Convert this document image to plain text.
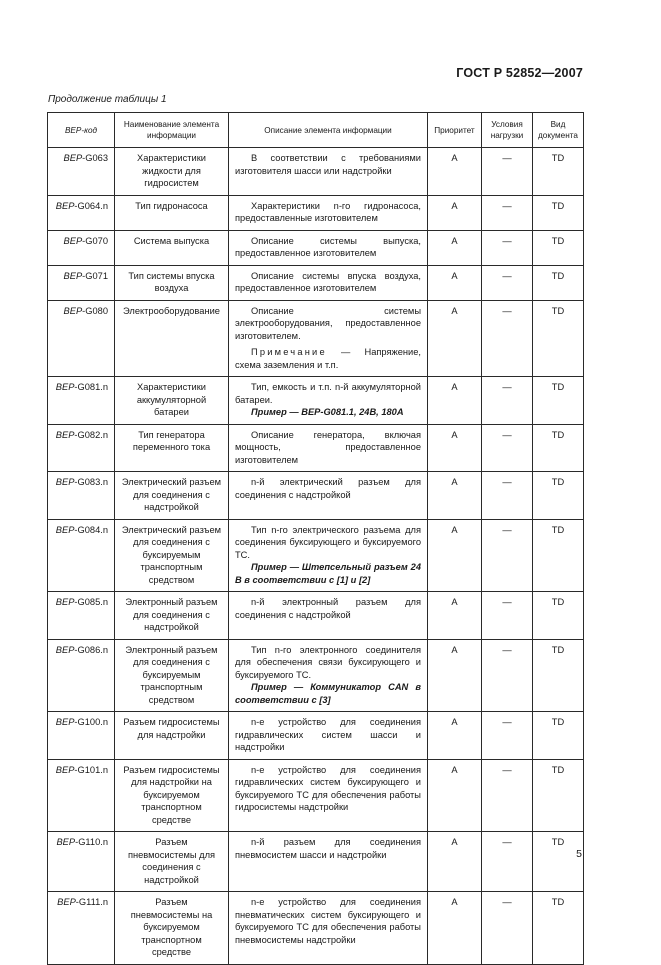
ГОСТ Р 52852—2007
Продолжение таблицы 1
ВЕР-код	Наименование элемента информации	Описание элемента информации	Приоритет	Условия нагрузки	Вид документа
ВЕР-G063	Характеристики жидкости для гидросистем	В соответствии с требованиями изготовителя шасси или надстройки	А	—	TD
ВЕР-G064.n	Тип гидронасоса	Характеристики n-го гидронасоса, предоставленные изготовителем	А	—	TD
ВЕР-G070	Система выпуска	Описание системы выпуска, предоставленное изготовителем	А	—	TD
ВЕР-G071	Тип системы впуска воздуха	Описание системы впуска воздуха, предоставленное изготовителем	А	—	TD
ВЕР-G080	Электрооборудование	Описание системы электрооборудования, предоставленное изготовителем.

Примечание — Напряжение, схема заземления и т.п.	А	—	TD
ВЕР-G081.n	Характеристики аккумуляторной батареи	Тип, емкость и т.п. n-й аккумуляторной батареи.

Пример — ВЕР-G081.1, 24В, 180А	А	—	TD
ВЕР-G082.n	Тип генератора переменного тока	Описание генератора, включая мощность, предоставленное изготовителем	А	—	TD
ВЕР-G083.n	Электрический разъем для соединения с надстройкой	n-й электрический разъем для соединения с надстройкой	А	—	TD
ВЕР-G084.n	Электрический разъем для соединения с буксируемым транспортным средством	Тип n-го электрического разъема для соединения буксирующего и буксируемого ТС.

Пример — Штепсельный разъем 24 В в соответствии с [1] и [2]	А	—	TD
ВЕР-G085.n	Электронный разъем для соединения с надстройкой	n-й электронный разъем для соединения с надстройкой	А	—	TD
ВЕР-G086.n	Электронный разъем для соединения с буксируемым транспортным средством	Тип n-го электронного соединителя для обеспечения связи буксирующего и буксируемого ТС.

Пример — Коммуникатор CAN в соответствии с [3]	А	—	TD
ВЕР-G100.n	Разъем гидросистемы для надстройки	n-е устройство для соединения гидравлических систем шасси и надстройки	А	—	TD
ВЕР-G101.n	Разъем гидросистемы для надстройки на буксируемом транспортном средстве	n-е устройство для соединения гидравлических систем буксирующего и буксируемого ТС для обеспечения работы гидросистемы надстройки	А	—	TD
ВЕР-G110.n	Разъем пневмосистемы для соединения с надстройкой	n-й разъем для соединения пневмосистем шасси и надстройки	А	—	TD
ВЕР-G111.n	Разъем пневмосистемы на буксируемом транспортном средстве	n-е устройство для соединения пневматических систем буксирующего и буксируемого ТС для обеспечения работы пневмосистемы надстройки	А	—	TD
5
